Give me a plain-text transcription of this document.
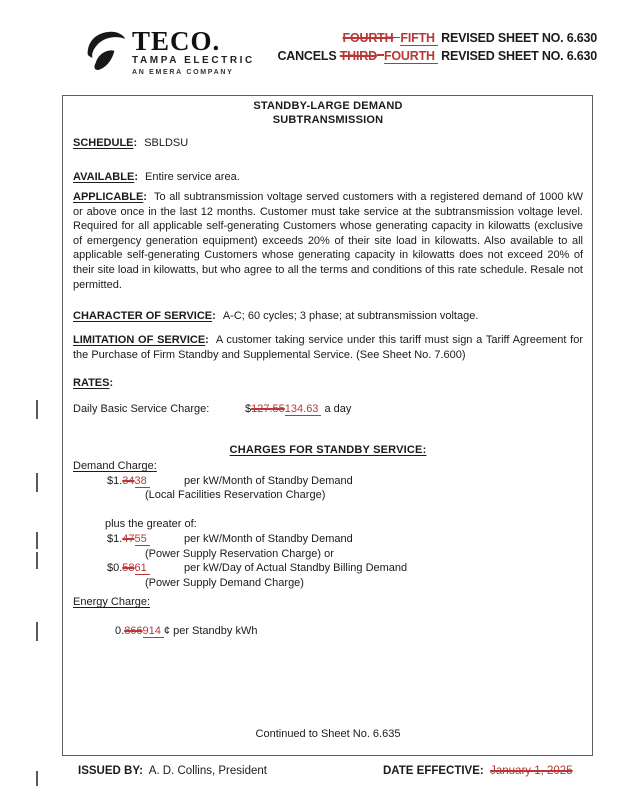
TECO.
TAMPA ELECTRIC
AN EMERA COMPANY
FOURTH FIFTH REVISED SHEET NO. 6.630
CANCELS THIRD FOURTH REVISED SHEET NO. 6.630
STANDBY-LARGE DEMAND
SUBTRANSMISSION
SCHEDULE: SBLDSU
AVAILABLE: Entire service area.
APPLICABLE: To all subtransmission voltage served customers with a registered demand of 1000 kW or above once in the last 12 months. Customer must take service at the subtransmission voltage level. Required for all applicable self-generating Customers whose generating capacity in kilowatts (exclusive of emergency generation equipment) exceeds 20% of their site load in kilowatts. Also available to all applicable self-generating Customers whose generating capacity in kilowatts does not exceed 20% of their site load in kilowatts, but who agree to all the terms and conditions of this rate schedule. Resale not permitted.
CHARACTER OF SERVICE: A-C; 60 cycles; 3 phase; at subtransmission voltage.
LIMITATION OF SERVICE: A customer taking service under this tariff must sign a Tariff Agreement for the Purchase of Firm Standby and Supplemental Service. (See Sheet No. 7.600)
RATES:
Daily Basic Service Charge:	$127.55134.63 a day
CHARGES FOR STANDBY SERVICE:
Demand Charge:
$1.3438	per kW/Month of Standby Demand
(Local Facilities Reservation Charge)

plus the greater of:
$1.4755	per kW/Month of Standby Demand
(Power Supply Reservation Charge) or
$0.5861	per kW/Day of Actual Standby Billing Demand
(Power Supply Demand Charge)
Energy Charge:
0.866914 ¢ per Standby kWh
Continued to Sheet No. 6.635
ISSUED BY: A. D. Collins, President	DATE EFFECTIVE: January 1, 2025
